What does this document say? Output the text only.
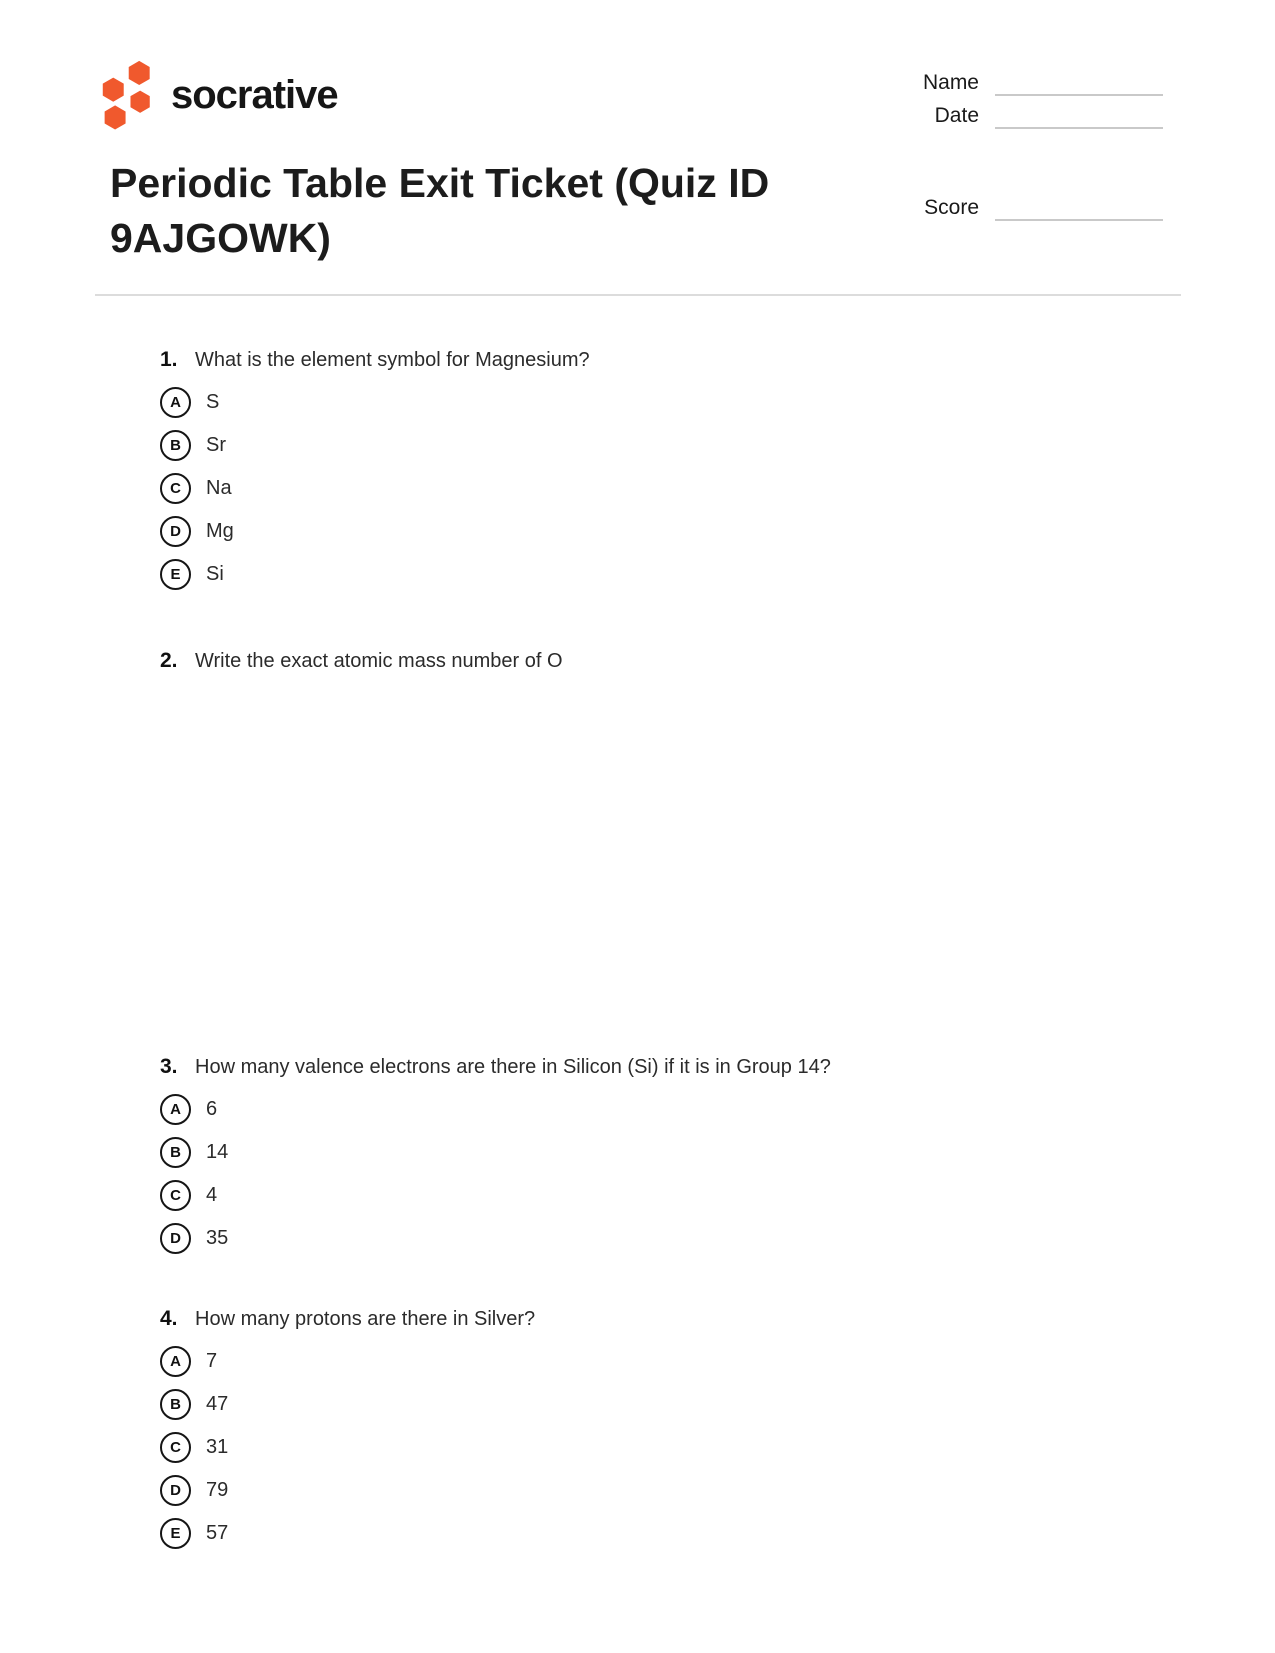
socrative	Name
Date
Score
Periodic Table Exit Ticket (Quiz ID 9AJGOWK)
1. What is the element symbol for Magnesium?
A	S
B	Sr
C	Na
D	Mg
E	Si
2. Write the exact atomic mass number of O
3. How many valence electrons are there in Silicon (Si) if it is in Group 14?
A	6
B	14
C	4
D	35
4. How many protons are there in Silver?
A	7
B	47
C	31
D	79
E	57
